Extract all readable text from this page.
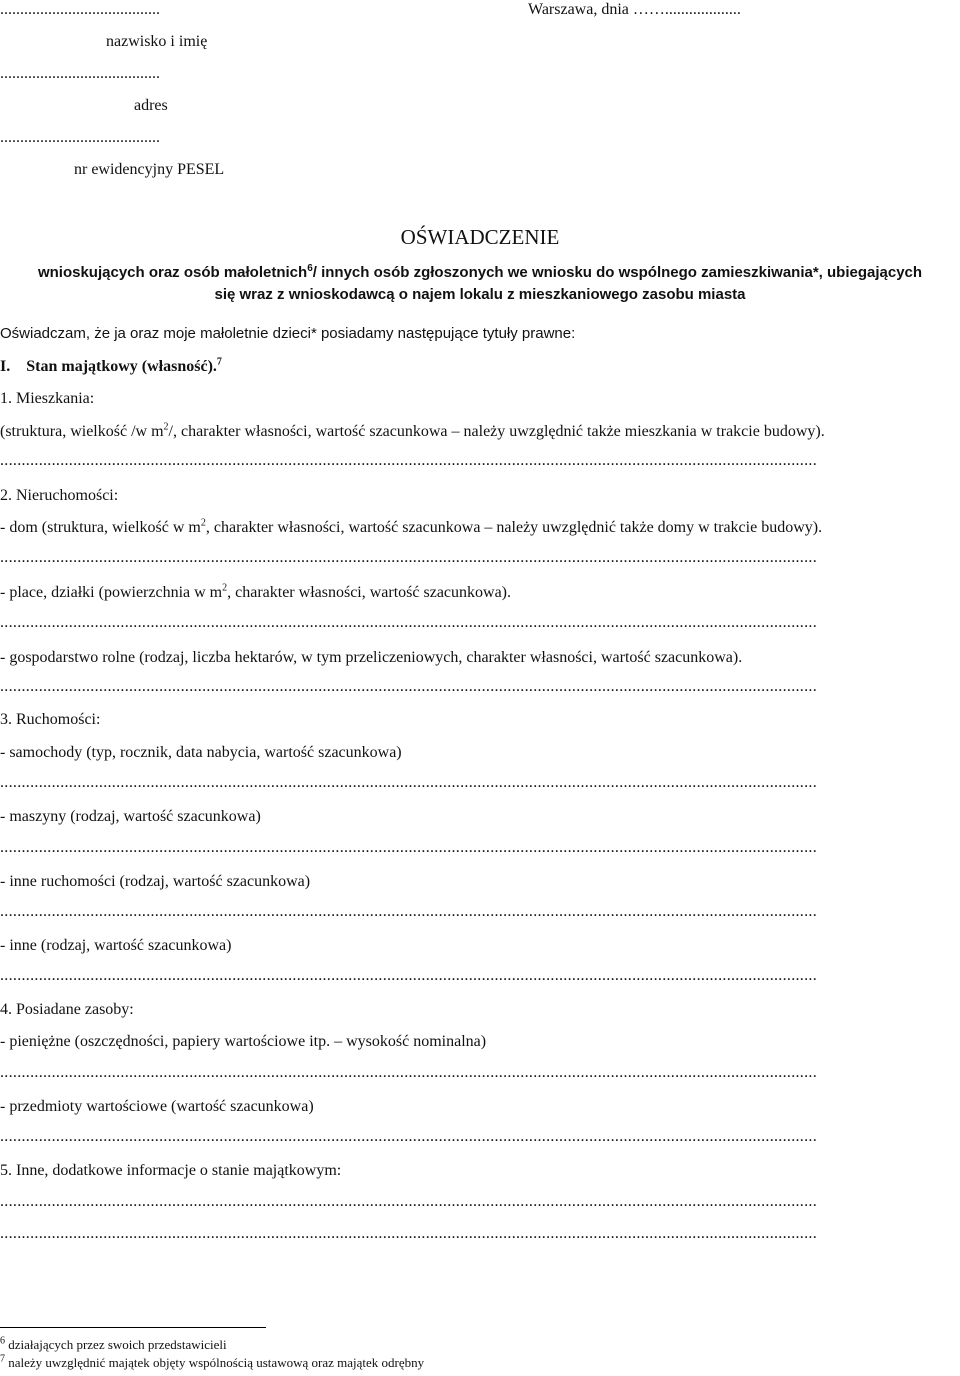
........................................	Warszawa, dnia ……...................
nazwisko i imię
........................................
adres
........................................
nr ewidencyjny PESEL
OŚWIADCZENIE
wnioskujących oraz osób małoletnich$^6$/ innych osób zgłoszonych we wniosku do wspólnego zamieszkiwania*, ubiegających
się wraz z wnioskodawcą o najem lokalu z mieszkaniowego zasobu miasta
Oświadczam, że ja oraz moje małoletnie dzieci* posiadamy następujące tytuły prawne:
I. Stan majątkowy (własność).$^7$
1. Mieszkania:
(struktura, wielkość /w $m^2/$, charakter własności, wartość szacunkowa – należy uwzględnić także mieszkania w trakcie budowy).
..............................................................................................................................................................................................
2. Nieruchomości:
- dom (struktura, wielkość w $m^2$, charakter własności, wartość szacunkowa – należy uwzględnić także domy w trakcie budowy).
..............................................................................................................................................................................................
- place, działki (powierzchnia w $m^2$, charakter własności, wartość szacunkowa).
..............................................................................................................................................................................................
- gospodarstwo rolne (rodzaj, liczba hektarów, w tym przeliczeniowych, charakter własności, wartość szacunkowa).
..............................................................................................................................................................................................
3. Ruchomości:
- samochody (typ, rocznik, data nabycia, wartość szacunkowa)
..............................................................................................................................................................................................
- maszyny (rodzaj, wartość szacunkowa)
..............................................................................................................................................................................................
- inne ruchomości (rodzaj, wartość szacunkowa)
..............................................................................................................................................................................................
- inne (rodzaj, wartość szacunkowa)
..............................................................................................................................................................................................
4. Posiadane zasoby:
- pieniężne (oszczędności, papiery wartościowe itp. – wysokość nominalna)
..............................................................................................................................................................................................
- przedmioty wartościowe (wartość szacunkowa)
..............................................................................................................................................................................................
5. Inne, dodatkowe informacje o stanie majątkowym:
..............................................................................................................................................................................................
..............................................................................................................................................................................................
$^6$ działających przez swoich przedstawicieli
$^7$ należy uwzględnić majątek objęty wspólnością ustawową oraz majątek odrębny
